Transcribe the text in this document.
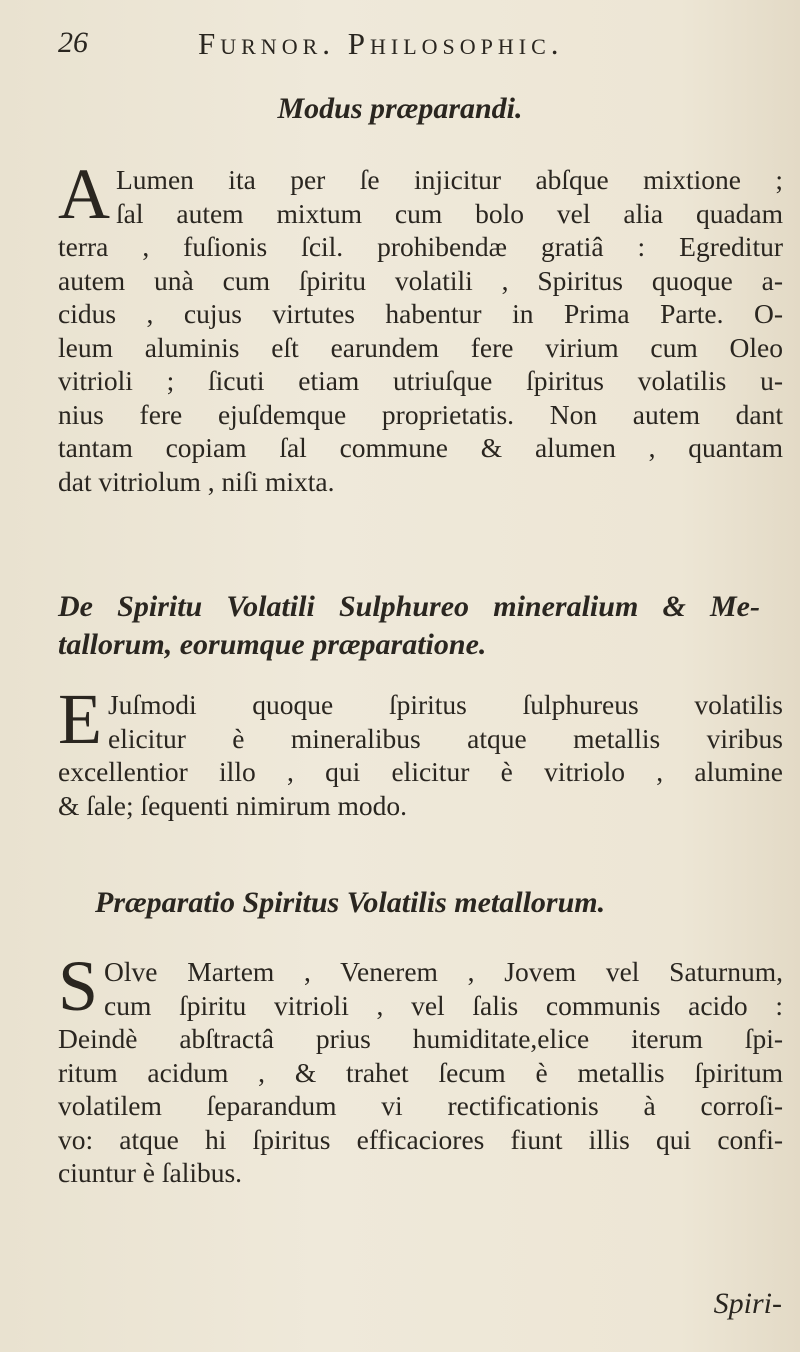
26	Furnor. Philosophic.
Modus præparandi.
A Lumen ita per ſe injicitur abſque mixtione ;
ſal autem mixtum cum bolo vel alia quadam
terra , fuſionis ſcil. prohibendæ gratiâ : Egreditur
autem unà cum ſpiritu volatili , Spiritus quoque a-
cidus , cujus virtutes habentur in Prima Parte. O-
leum aluminis eſt earundem fere virium cum Oleo
vitrioli ; ſicuti etiam utriuſque ſpiritus volatilis u-
nius fere ejuſdemque proprietatis. Non autem dant
tantam copiam ſal commune & alumen , quantam
dat vitriolum , niſi mixta.
De Spiritu Volatili Sulphureo mineralium & Me-
tallorum, eorumque præparatione.
E Juſmodi quoque ſpiritus ſulphureus volatilis
elicitur è mineralibus atque metallis viribus
excellentior illo , qui elicitur è vitriolo , alumine
& ſale; ſequenti nimirum modo.
Præparatio Spiritus Volatilis metallorum.
S Olve Martem , Venerem , Jovem vel Saturnum,
cum ſpiritu vitrioli , vel ſalis communis acido :
Deindè abſtractâ prius humiditate,elice iterum ſpi-
ritum acidum , & trahet ſecum è metallis ſpiritum
volatilem ſeparandum vi rectificationis à corroſi-
vo: atque hi ſpiritus efficaciores fiunt illis qui confi-
ciuntur è ſalibus.
Spiri-
